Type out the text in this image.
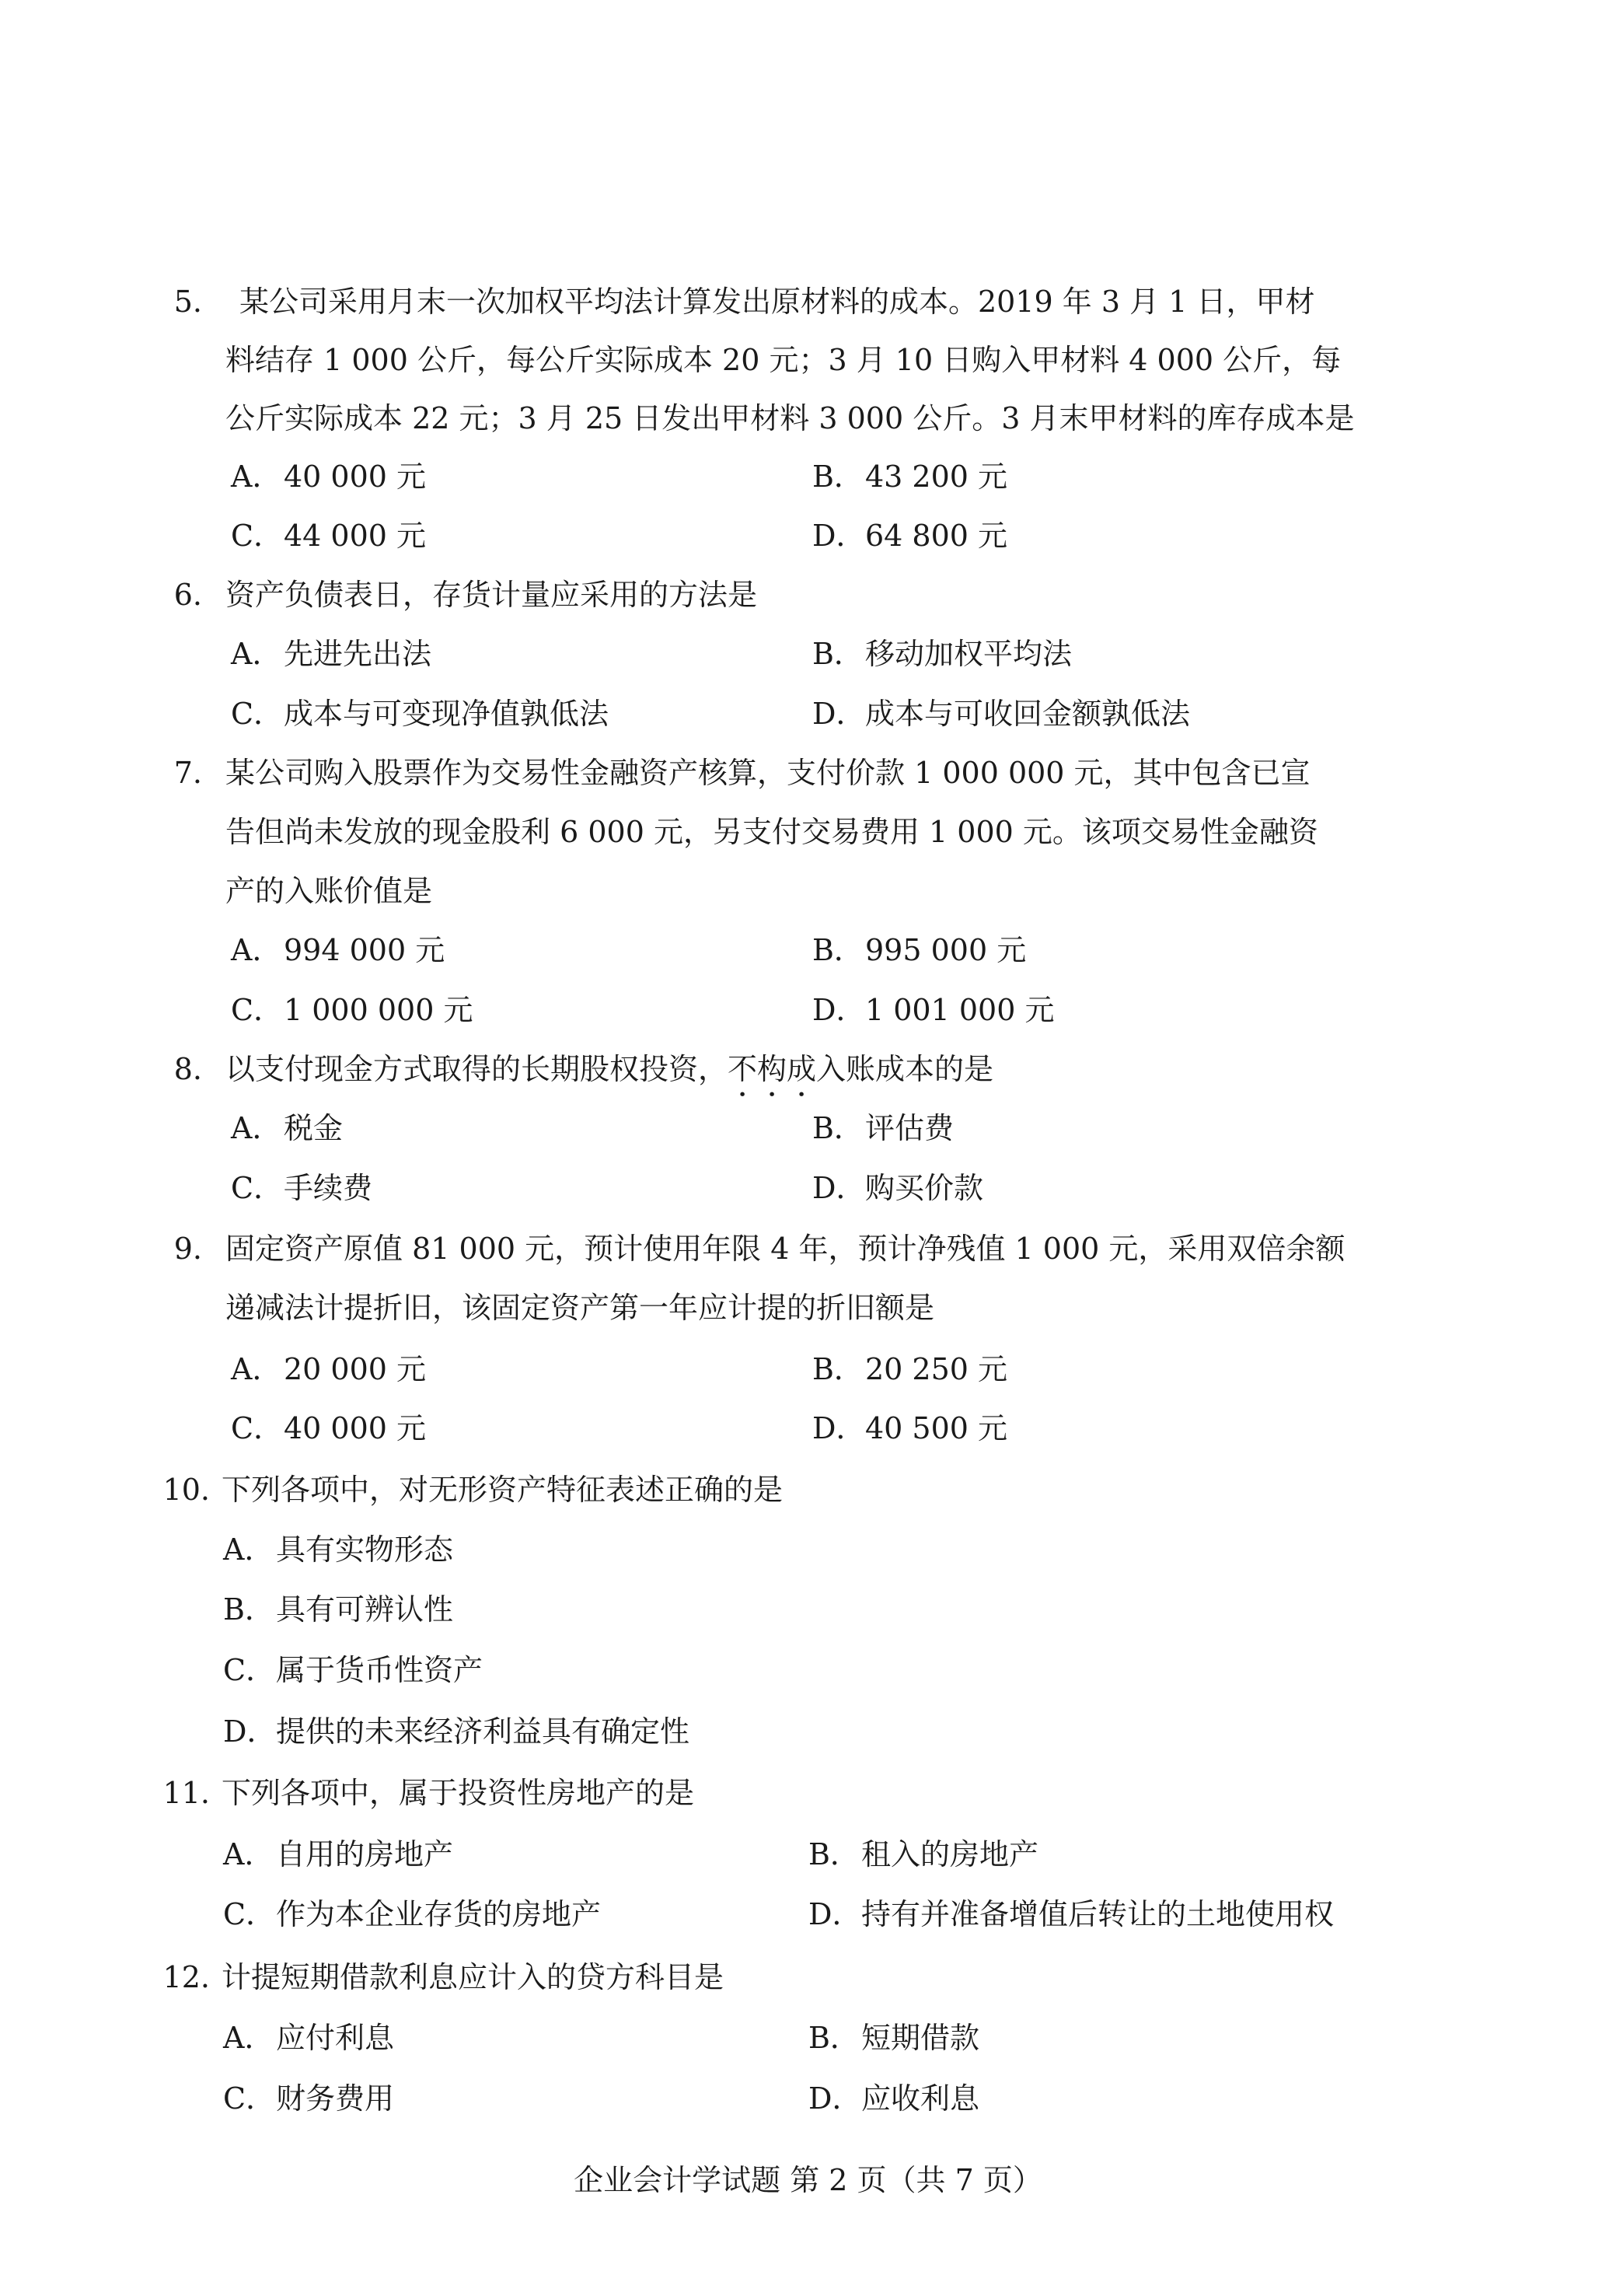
5. 某公司采用月末一次加权平均法计算发出原材料的成本。2019 年 3 月 1 日，甲材
料结存 1 000 公斤，每公斤实际成本 20 元；3 月 10 日购入甲材料 4 000 公斤，每
公斤实际成本 22 元；3 月 25 日发出甲材料 3 000 公斤。3 月末甲材料的库存成本是
A．40 000 元	B．43 200 元
C．44 000 元	D．64 800 元
6. 资产负债表日，存货计量应采用的方法是
A．先进先出法	B．移动加权平均法
C．成本与可变现净值孰低法	D．成本与可收回金额孰低法
7. 某公司购入股票作为交易性金融资产核算，支付价款 1 000 000 元，其中包含已宣
告但尚未发放的现金股利 6 000 元，另支付交易费用 1 000 元。该项交易性金融资
产的入账价值是
A．994 000 元	B．995 000 元
C．1 000 000 元	D．1 001 000 元
8. 以支付现金方式取得的长期股权投资，不构成入账成本的是
A．税金	B．评估费
C．手续费	D．购买价款
9. 固定资产原值 81 000 元，预计使用年限 4 年，预计净残值 1 000 元，采用双倍余额
递减法计提折旧，该固定资产第一年应计提的折旧额是
A．20 000 元	B．20 250 元
C．40 000 元	D．40 500 元
10. 下列各项中，对无形资产特征表述正确的是
A．具有实物形态
B．具有可辨认性
C．属于货币性资产
D．提供的未来经济利益具有确定性
11. 下列各项中，属于投资性房地产的是
A．自用的房地产	B．租入的房地产
C．作为本企业存货的房地产	D．持有并准备增值后转让的土地使用权
12. 计提短期借款利息应计入的贷方科目是
A．应付利息	B．短期借款
C．财务费用	D．应收利息
企业会计学试题 第 2 页（共 7 页）
